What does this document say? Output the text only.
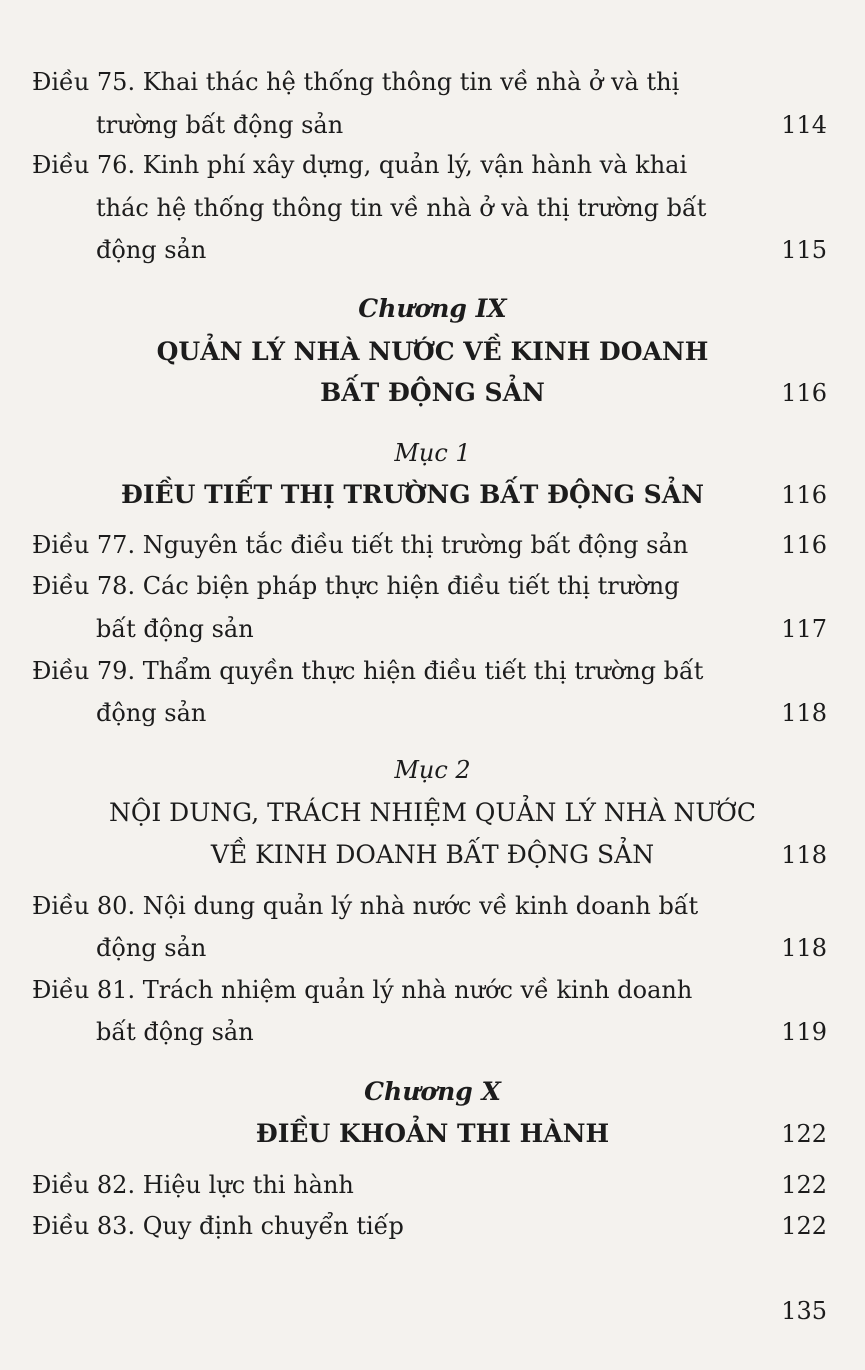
Điều 75. Khai thác hệ thống thông tin về nhà ở và thị
trường bất động sản	114
Điều 76. Kinh phí xây dựng, quản lý, vận hành và khai
thác hệ thống thông tin về nhà ở và thị trường bất
động sản	115
Chương IX
QUẢN LÝ NHÀ NƯỚC VỀ KINH DOANH
BẤT ĐỘNG SẢN	116
Mục 1
ĐIỀU TIẾT THỊ TRƯỜNG BẤT ĐỘNG SẢN	116
Điều 77. Nguyên tắc điều tiết thị trường bất động sản	116
Điều 78. Các biện pháp thực hiện điều tiết thị trường
bất động sản	117
Điều 79. Thẩm quyền thực hiện điều tiết thị trường bất
động sản	118
Mục 2
NỘI DUNG, TRÁCH NHIỆM QUẢN LÝ NHÀ NƯỚC
VỀ KINH DOANH BẤT ĐỘNG SẢN	118
Điều 80. Nội dung quản lý nhà nước về kinh doanh bất
động sản	118
Điều 81. Trách nhiệm quản lý nhà nước về kinh doanh
bất động sản	119
Chương X
ĐIỀU KHOẢN THI HÀNH	122
Điều 82. Hiệu lực thi hành	122
Điều 83. Quy định chuyển tiếp	122
135
